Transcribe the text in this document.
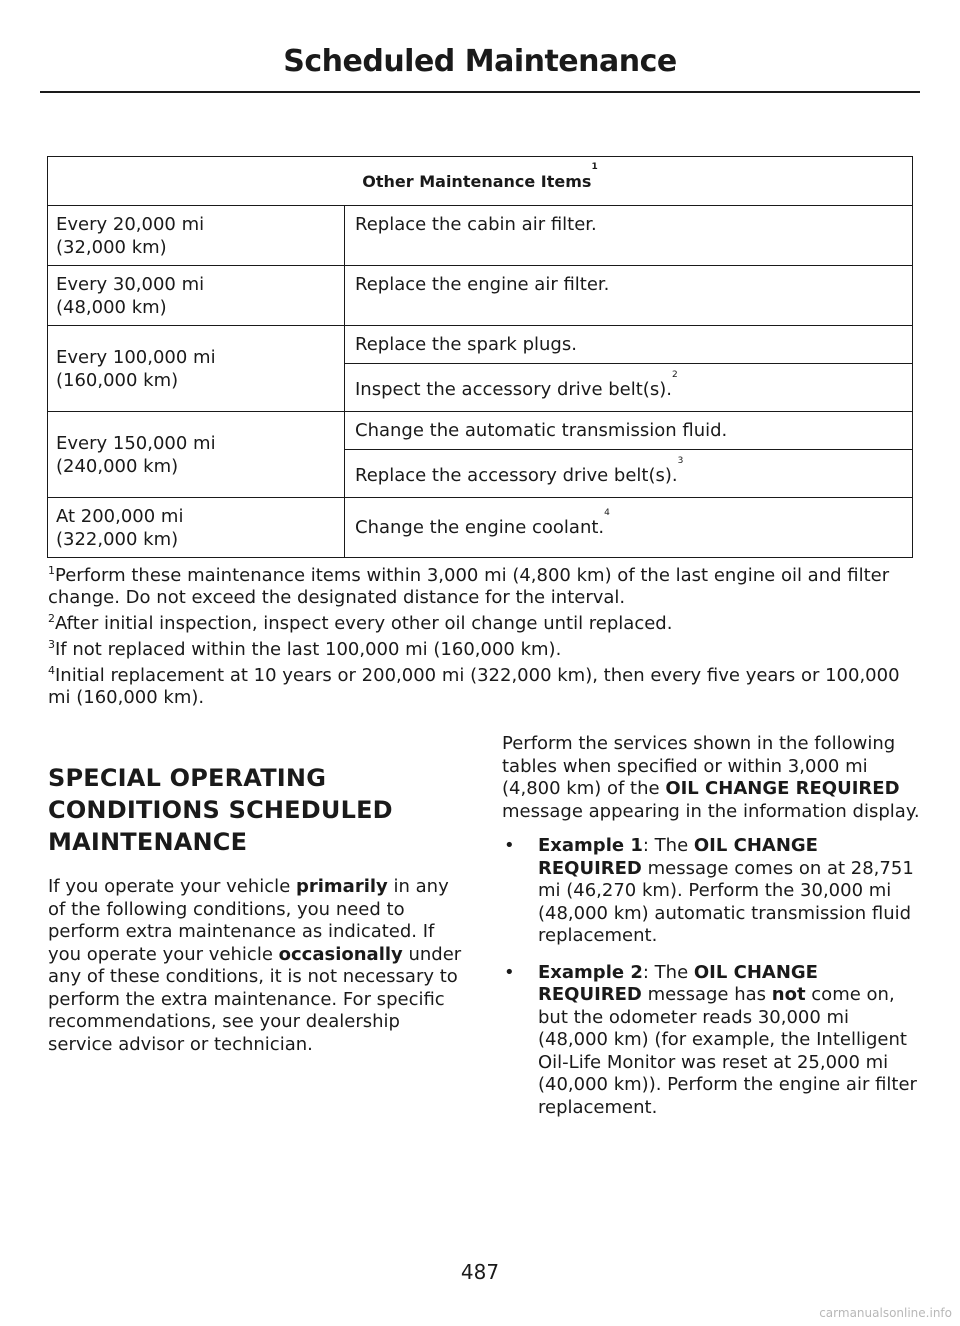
Scheduled Maintenance
Other Maintenance Items$^1$
Every 20,000 mi
(32,000 km)	Replace the cabin air filter.
Every 30,000 mi
(48,000 km)	Replace the engine air filter.
Every 100,000 mi
(160,000 km)	Replace the spark plugs.
	Inspect the accessory drive belt(s).$^2$
Every 150,000 mi
(240,000 km)	Change the automatic transmission fluid.
	Replace the accessory drive belt(s).$^3$
At 200,000 mi
(322,000 km)	Change the engine coolant.$^4$

$^1$Perform these maintenance items within 3,000 mi (4,800 km) of the last engine oil and filter change. Do not exceed the designated distance for the interval.

$^2$After initial inspection, inspect every other oil change until replaced.

$^3$If not replaced within the last 100,000 mi (160,000 km).

$^4$Initial replacement at 10 years or 200,000 mi (322,000 km), then every five years or 100,000 mi (160,000 km).

SPECIAL OPERATING
CONDITIONS SCHEDULED
MAINTENANCE

If you operate your vehicle primarily in any of the following conditions, you need to perform extra maintenance as indicated. If you operate your vehicle occasionally under any of these conditions, it is not necessary to perform the extra maintenance. For specific recommendations, see your dealership service advisor or technician.

Perform the services shown in the following tables when specified or within 3,000 mi (4,800 km) of the OIL CHANGE REQUIRED message appearing in the information display.

• Example 1: The OIL CHANGE REQUIRED message comes on at 28,751 mi (46,270 km). Perform the 30,000 mi (48,000 km) automatic transmission fluid replacement.
• Example 2: The OIL CHANGE REQUIRED message has not come on, but the odometer reads 30,000 mi (48,000 km) (for example, the Intelligent Oil-Life Monitor was reset at 25,000 mi (40,000 km)). Perform the engine air filter replacement.
487
carmanualsonline.info
